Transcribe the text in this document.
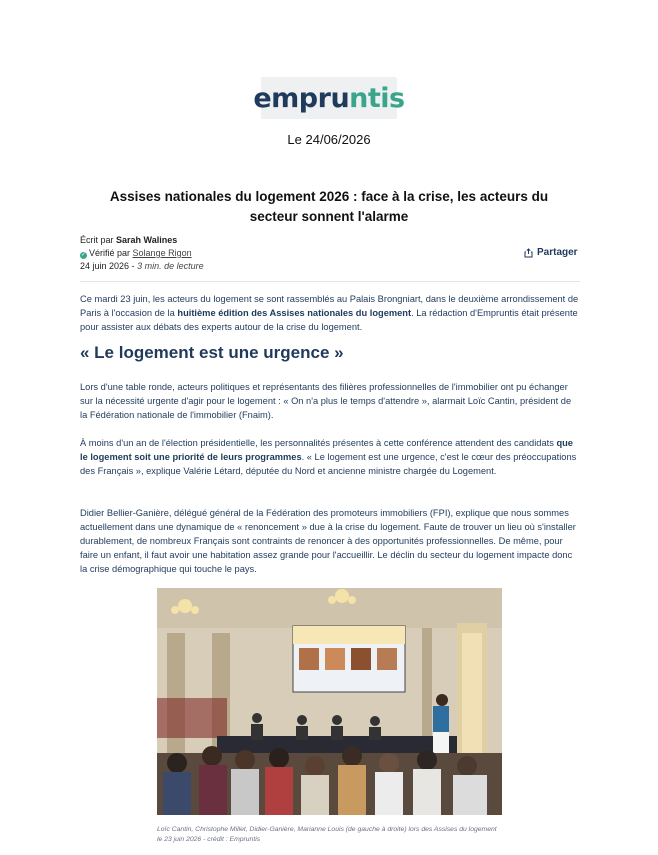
empruntis
Le 24/06/2026
Assises nationales du logement 2026 : face à la crise, les acteurs du secteur sonnent l'alarme
Écrit par Sarah Walines
✓ Vérifié par Solange Rigon
24 juin 2026 - 3 min. de lecture
Partager

Ce mardi 23 juin, les acteurs du logement se sont rassemblés au Palais Brongniart, dans le deuxième arrondissement de Paris à l'occasion de la huitième édition des Assises nationales du logement. La rédaction d'Empruntis était présente pour assister aux débats des experts autour de la crise du logement.

« Le logement est une urgence »

Lors d'une table ronde, acteurs politiques et représentants des filières professionnelles de l'immobilier ont pu échanger sur la nécessité urgente d'agir pour le logement : « On n'a plus le temps d'attendre », alarmait Loïc Cantin, président de la Fédération nationale de l'immobilier (Fnaim).

À moins d'un an de l'élection présidentielle, les personnalités présentes à cette conférence attendent des candidats que le logement soit une priorité de leurs programmes. « Le logement est une urgence, c'est le cœur des préoccupations des Français », explique Valérie Létard, députée du Nord et ancienne ministre chargée du Logement.

Didier Bellier-Ganière, délégué général de la Fédération des promoteurs immobiliers (FPI), explique que nous sommes actuellement dans une dynamique de « renoncement » due à la crise du logement. Faute de trouver un lieu où s'installer durablement, de nombreux Français sont contraints de renoncer à des opportunités professionnelles. De même, pour faire un enfant, il faut avoir une habitation assez grande pour l'accueillir. Le déclin du secteur du logement impacte donc la crise démographique qui touche le pays.

Loïc Cantin, Christophe Millet, Didier-Ganière, Marianne Louis (de gauche à droite) lors des Assises du logement le 23 juin 2026 - crédit : Empruntis
